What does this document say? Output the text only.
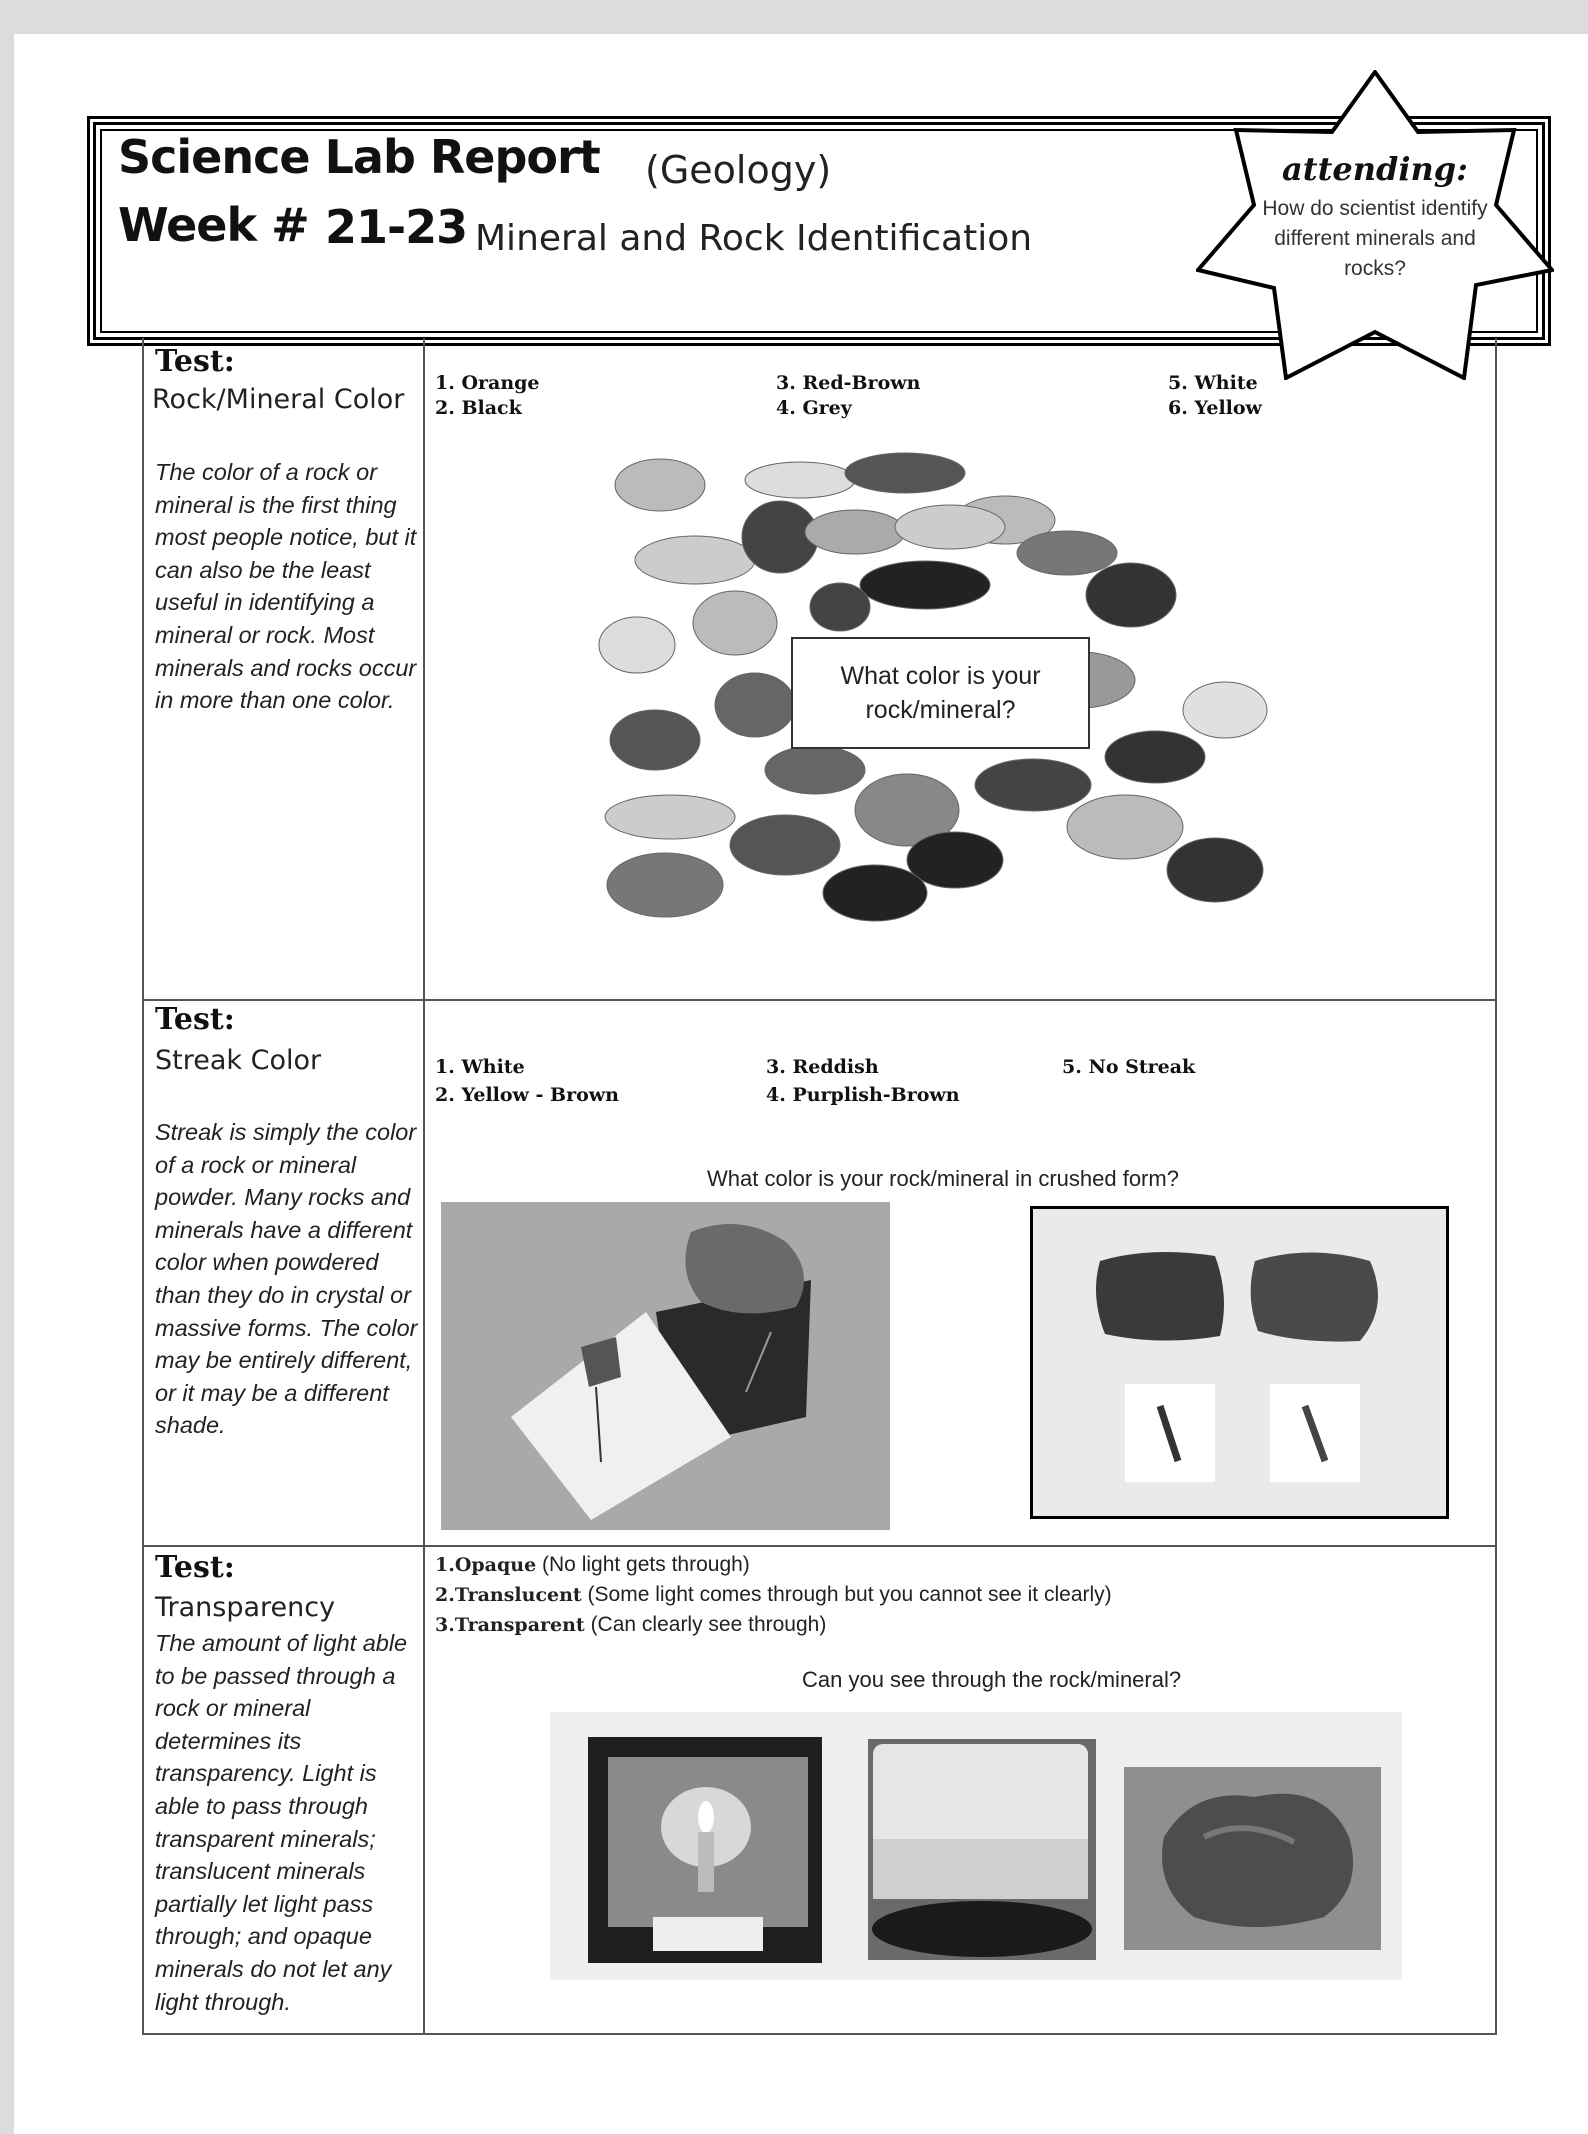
Science Lab Report (Geology)
Week # 21-23 Mineral and Rock Identification
attending:
How do scientist identify different minerals and rocks?
Test:
Rock/Mineral Color
The color of a rock or mineral is the first thing most people notice, but it can also be the least useful in identifying a mineral or rock. Most minerals and rocks occur in more than one color.
1. Orange
2. Black
3. Red-Brown
4. Grey
5. White
6. Yellow
What color is your rock/mineral?
Test:
Streak Color
Streak is simply the color of a rock or mineral powder. Many rocks and minerals have a different color when powdered than they do in crystal or massive forms. The color may be entirely different, or it may be a different shade.
1. White
2. Yellow - Brown
3. Reddish
4. Purplish-Brown
5. No Streak
What color is your rock/mineral in crushed form?
Test:
Transparency
The amount of light able to be passed through a rock or mineral determines its transparency. Light is able to pass through transparent minerals; translucent minerals partially let light pass through; and opaque minerals do not let any light through.
1.Opaque (No light gets through)
2.Translucent (Some light comes through but you cannot see it clearly)
3.Transparent (Can clearly see through)
Can you see through the rock/mineral?
